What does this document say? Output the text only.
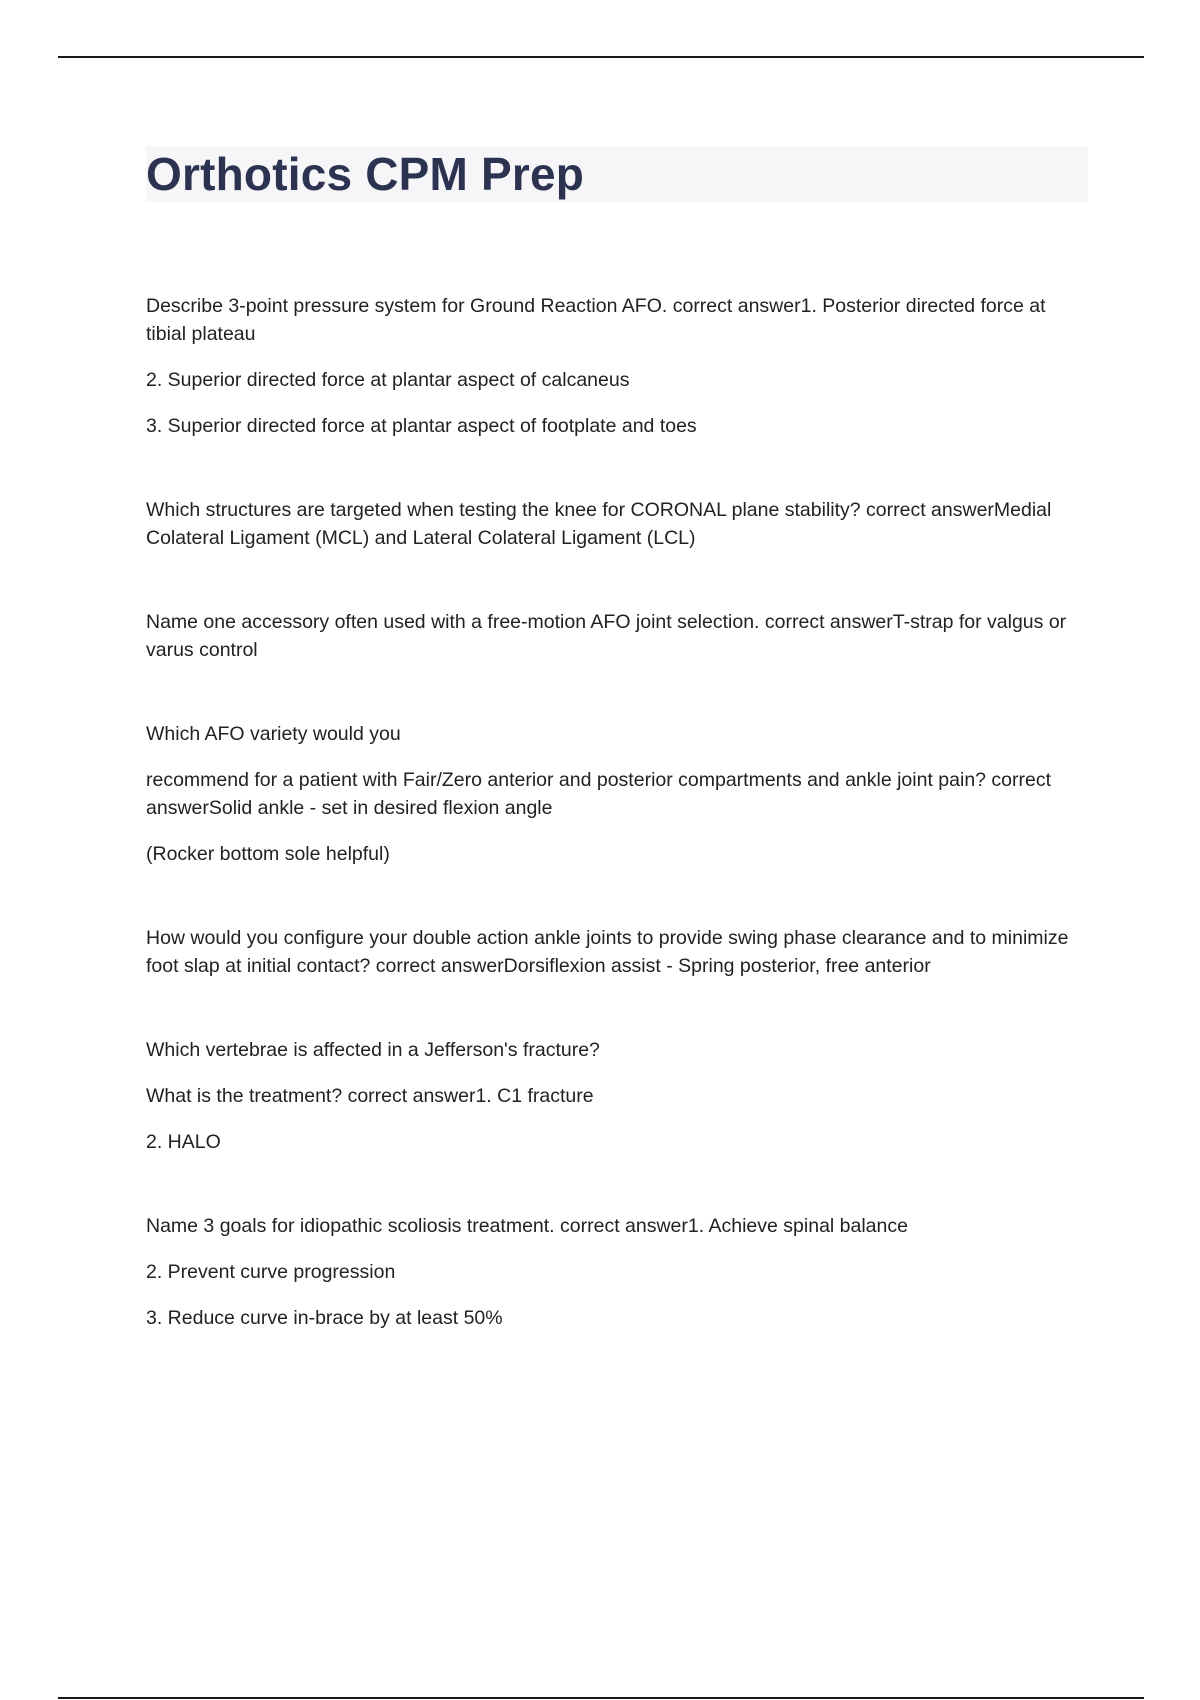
Orthotics CPM Prep

Describe 3-point pressure system for Ground Reaction AFO. correct answer1. Posterior directed force at tibial plateau

2. Superior directed force at plantar aspect of calcaneus

3. Superior directed force at plantar aspect of footplate and toes

Which structures are targeted when testing the knee for CORONAL plane stability? correct answerMedial Colateral Ligament (MCL) and Lateral Colateral Ligament (LCL)

Name one accessory often used with a free-motion AFO joint selection. correct answerT-strap for valgus or varus control

Which AFO variety would you

recommend for a patient with Fair/Zero anterior and posterior compartments and ankle joint pain? correct answerSolid ankle - set in desired flexion angle

(Rocker bottom sole helpful)

How would you configure your double action ankle joints to provide swing phase clearance and to minimize foot slap at initial contact? correct answerDorsiflexion assist - Spring posterior, free anterior

Which vertebrae is affected in a Jefferson's fracture?

What is the treatment? correct answer1. C1 fracture

2. HALO

Name 3 goals for idiopathic scoliosis treatment. correct answer1. Achieve spinal balance

2. Prevent curve progression

3. Reduce curve in-brace by at least 50%
